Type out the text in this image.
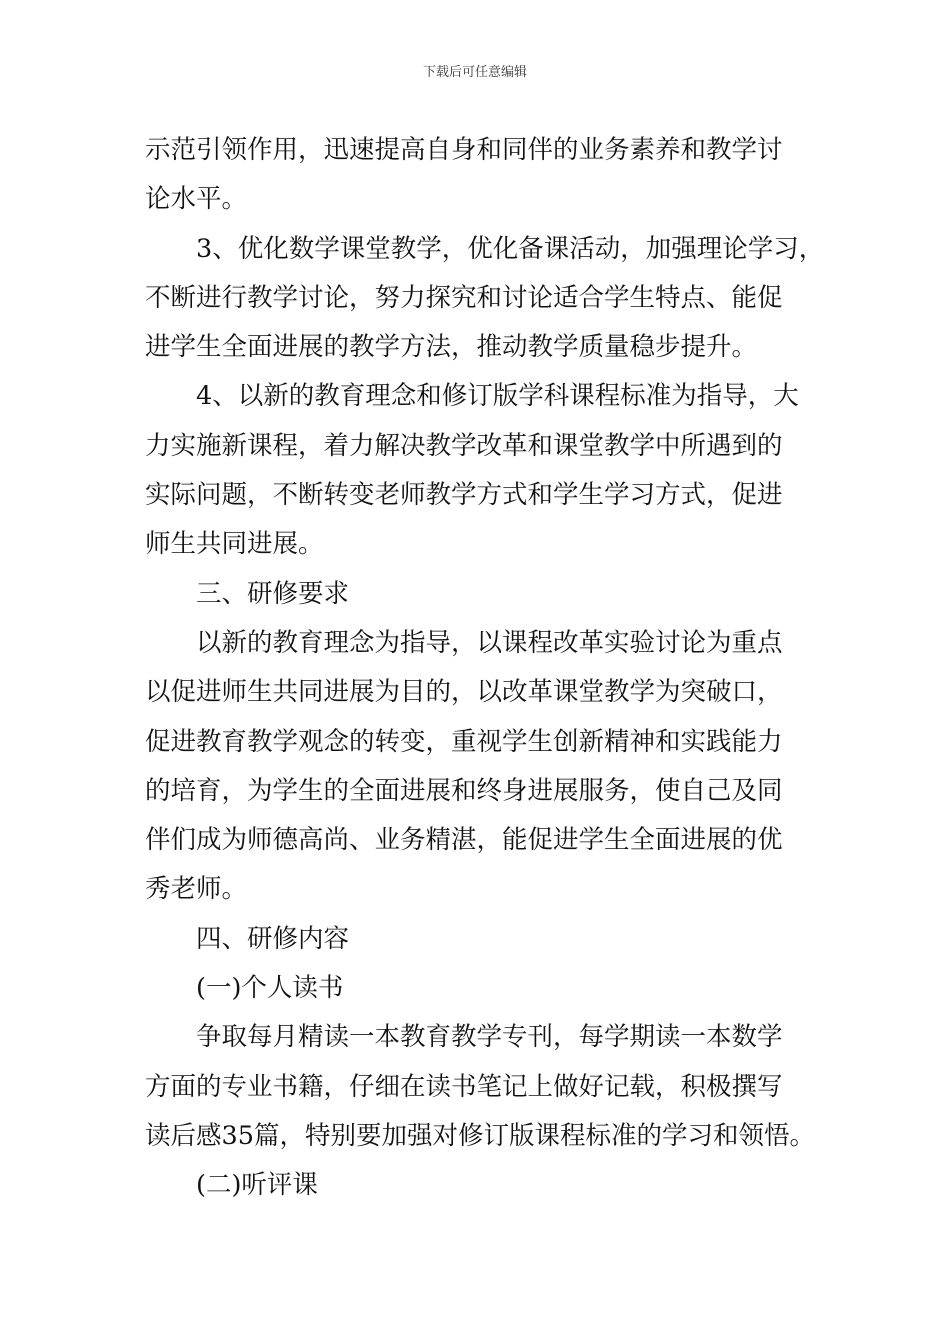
下载后可任意编辑
示范引领作用，迅速提高自身和同伴的业务素养和教学讨
论水平。
3、优化数学课堂教学，优化备课活动，加强理论学习，
不断进行教学讨论，努力探究和讨论适合学生特点、能促
进学生全面进展的教学方法，推动教学质量稳步提升。
4、以新的教育理念和修订版学科课程标准为指导，大
力实施新课程，着力解决教学改革和课堂教学中所遇到的
实际问题，不断转变老师教学方式和学生学习方式，促进
师生共同进展。
三、研修要求
以新的教育理念为指导，以课程改革实验讨论为重点
以促进师生共同进展为目的，以改革课堂教学为突破口，
促进教育教学观念的转变，重视学生创新精神和实践能力
的培育，为学生的全面进展和终身进展服务，使自己及同
伴们成为师德高尚、业务精湛，能促进学生全面进展的优
秀老师。
四、研修内容
(一)个人读书
争取每月精读一本教育教学专刊，每学期读一本数学
方面的专业书籍，仔细在读书笔记上做好记载，积极撰写
读后感35篇，特别要加强对修订版课程标准的学习和领悟。
(二)听评课
